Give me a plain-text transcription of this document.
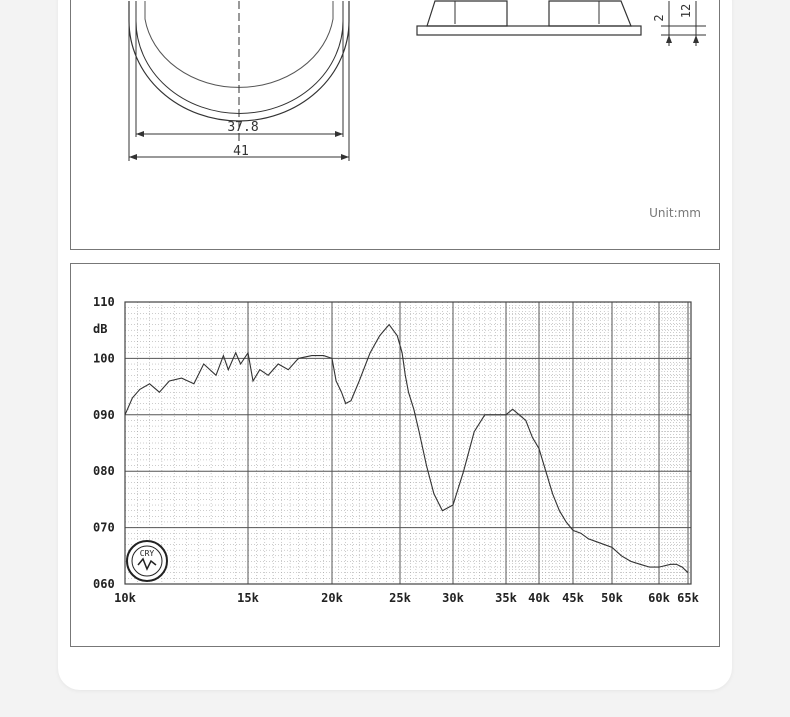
37.8
41
2 12
Unit:mm
060
070
080
090
100
110
10k	15k	20k	25k	30k	35k 40k 45k 50k 60k 65k
dB
CRY
